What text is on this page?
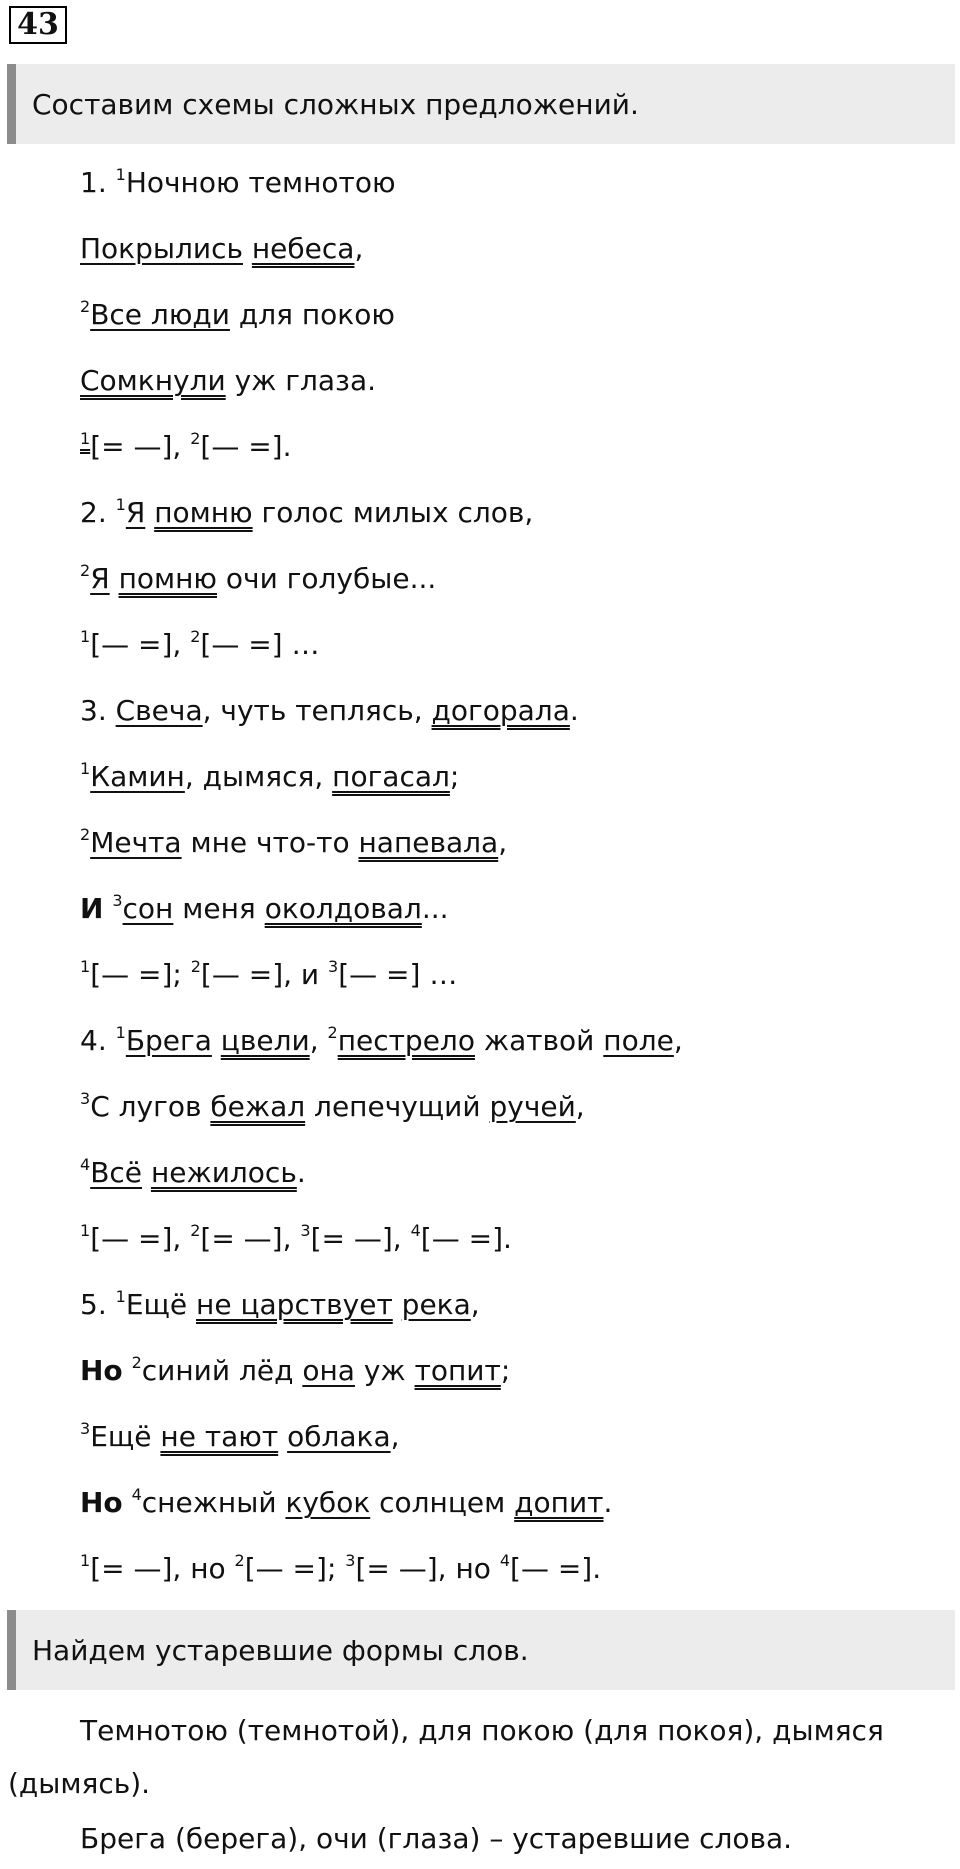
43
Составим схемы сложных предложений.
1. $^1$Ночною темнотою
Покрылись небеса,
$^2$Все люди для покою
Сомкнули уж глаза.
$^1$[= —], $^2$[— =].
2. $^1$Я помню голос милых слов,
$^2$Я помню очи голубые...
$^1$[— =], $^2$[— =] …
3. Свеча, чуть теплясь, догорала.
$^1$Камин, дымяся, погасал;
$^2$Мечта мне что-то напевала,
И $^3$сон меня околдовал...
$^1$[— =]; $^2$[— =], и $^3$[— =] …
4. $^1$Брега цвели, $^2$пестрело жатвой поле,
$^3$С лугов бежал лепечущий ручей,
$^4$Всё нежилось.
$^1$[— =], $^2$[= —], $^3$[= —], $^4$[— =].
5. $^1$Ещё не царствует река,
Но $^2$синий лёд она уж топит;
$^3$Ещё не тают облака,
Но $^4$снежный кубок солнцем допит.
$^1$[= —], но $^2$[— =]; $^3$[= —], но $^4$[— =].
Найдем устаревшие формы слов.
Темнотою (темнотой), для покою (для покоя), дымяся (дымясь).
Брега (берега), очи (глаза) – устаревшие слова.
